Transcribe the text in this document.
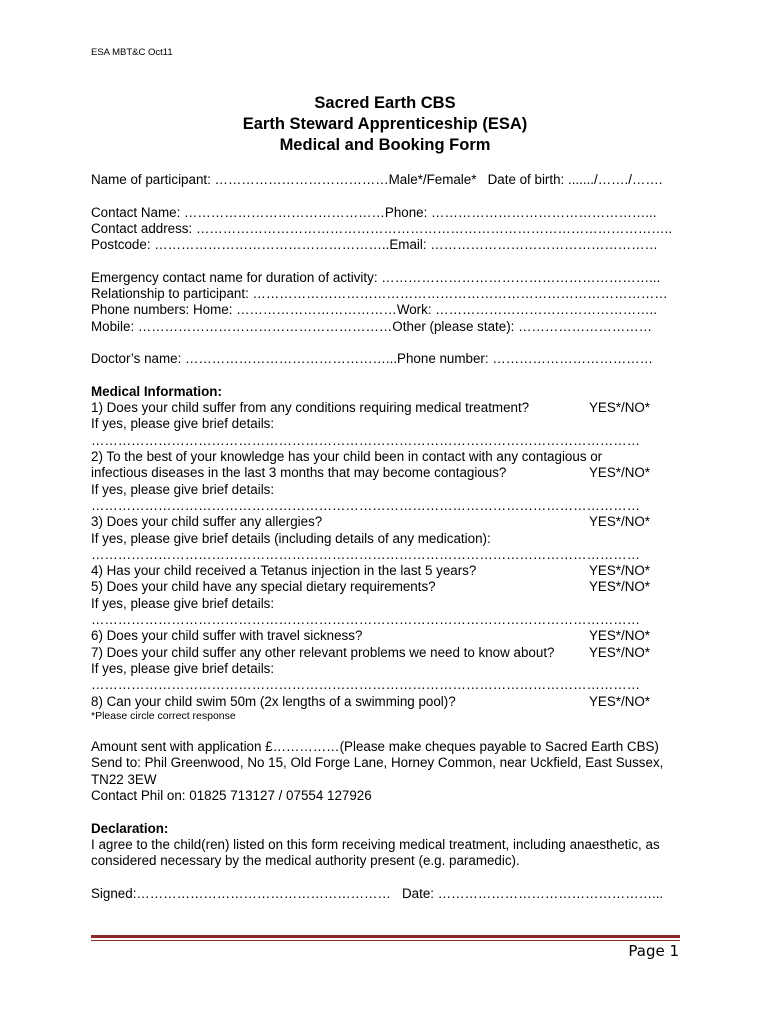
ESA MBT&C Oct11
Sacred Earth CBS
Earth Steward Apprenticeship (ESA)
Medical and Booking Form
Name of participant: …………………………………Male*/Female*   Date of birth: ......./……./…….
Contact Name: ………………………………………Phone: …………………………………………...
Contact address: ……………………………………………………………………………………………..
Postcode: ……………………………………………..Email: ……………………………………………
Emergency contact name for duration of activity: ……………………………………………………...
Relationship to participant: …………………………………………………………………………………
Phone numbers: Home: ………………………………Work: …………………………………………..
Mobile: …………………………………………………Other (please state): …………………………
Doctor’s name: ………………………………………...Phone number: ………………………………
Medical Information:
1) Does your child suffer from any conditions requiring medical treatment?	YES*/NO*
If yes, please give brief details:
……………………………………………………………………………………………………………
2) To the best of your knowledge has your child been in contact with any contagious or
infectious diseases in the last 3 months that may become contagious?	YES*/NO*
If yes, please give brief details:
……………………………………………………………………………………………………………
3) Does your child suffer any allergies?	YES*/NO*
If yes, please give brief details (including details of any medication):
……………………………………………………………………………………………………………
4) Has your child received a Tetanus injection in the last 5 years?	YES*/NO*
5) Does your child have any special dietary requirements?	YES*/NO*
If yes, please give brief details:
……………………………………………………………………………………………………………
6) Does your child suffer with travel sickness?	YES*/NO*
7) Does your child suffer any other relevant problems we need to know about?	YES*/NO*
If yes, please give brief details:
……………………………………………………………………………………………………………
8) Can your child swim 50m (2x lengths of a swimming pool)?	YES*/NO*
*Please circle correct response
Amount sent with application £……………(Please make cheques payable to Sacred Earth CBS)
Send to: Phil Greenwood, No 15, Old Forge Lane, Horney Common, near Uckfield, East Sussex, TN22 3EW
Contact Phil on: 01825 713127 / 07554 127926
Declaration:
I agree to the child(ren) listed on this form receiving medical treatment, including anaesthetic, as considered necessary by the medical authority present (e.g. paramedic).
Signed:…………………………………………………   Date: …………………………………………...
Page 1
